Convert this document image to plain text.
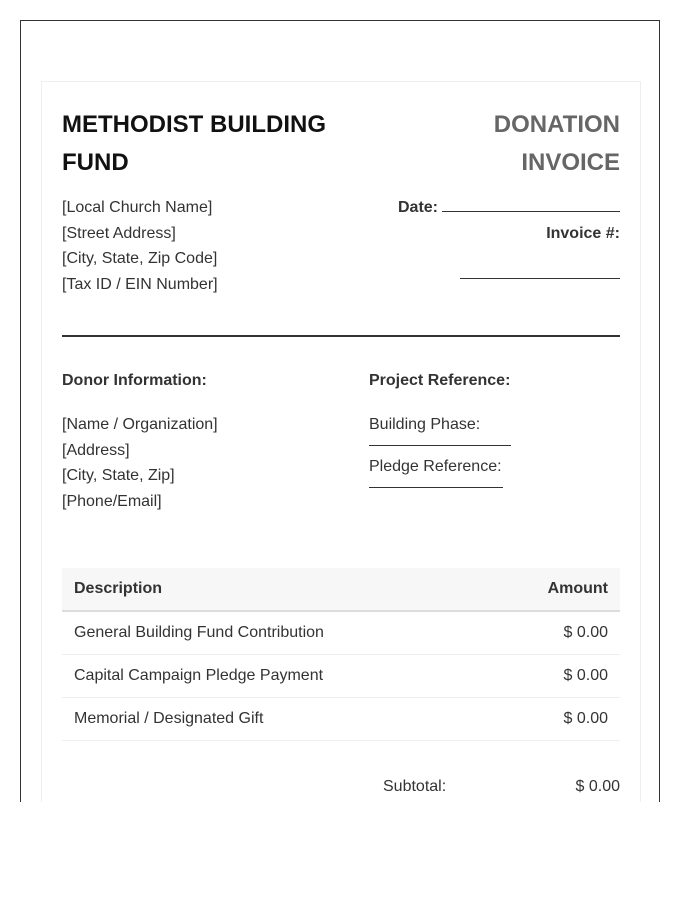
METHODIST BUILDING FUND
DONATION INVOICE
[Local Church Name]
[Street Address]
[City, State, Zip Code]
[Tax ID / EIN Number]
Date:
Invoice #:
Donor Information:
[Name / Organization]
[Address]
[City, State, Zip]
[Phone/Email]
Project Reference:
Building Phase:
Pledge Reference:
Description	Amount
General Building Fund Contribution	$ 0.00
Capital Campaign Pledge Payment	$ 0.00
Memorial / Designated Gift	$ 0.00
Subtotal:	$ 0.00
